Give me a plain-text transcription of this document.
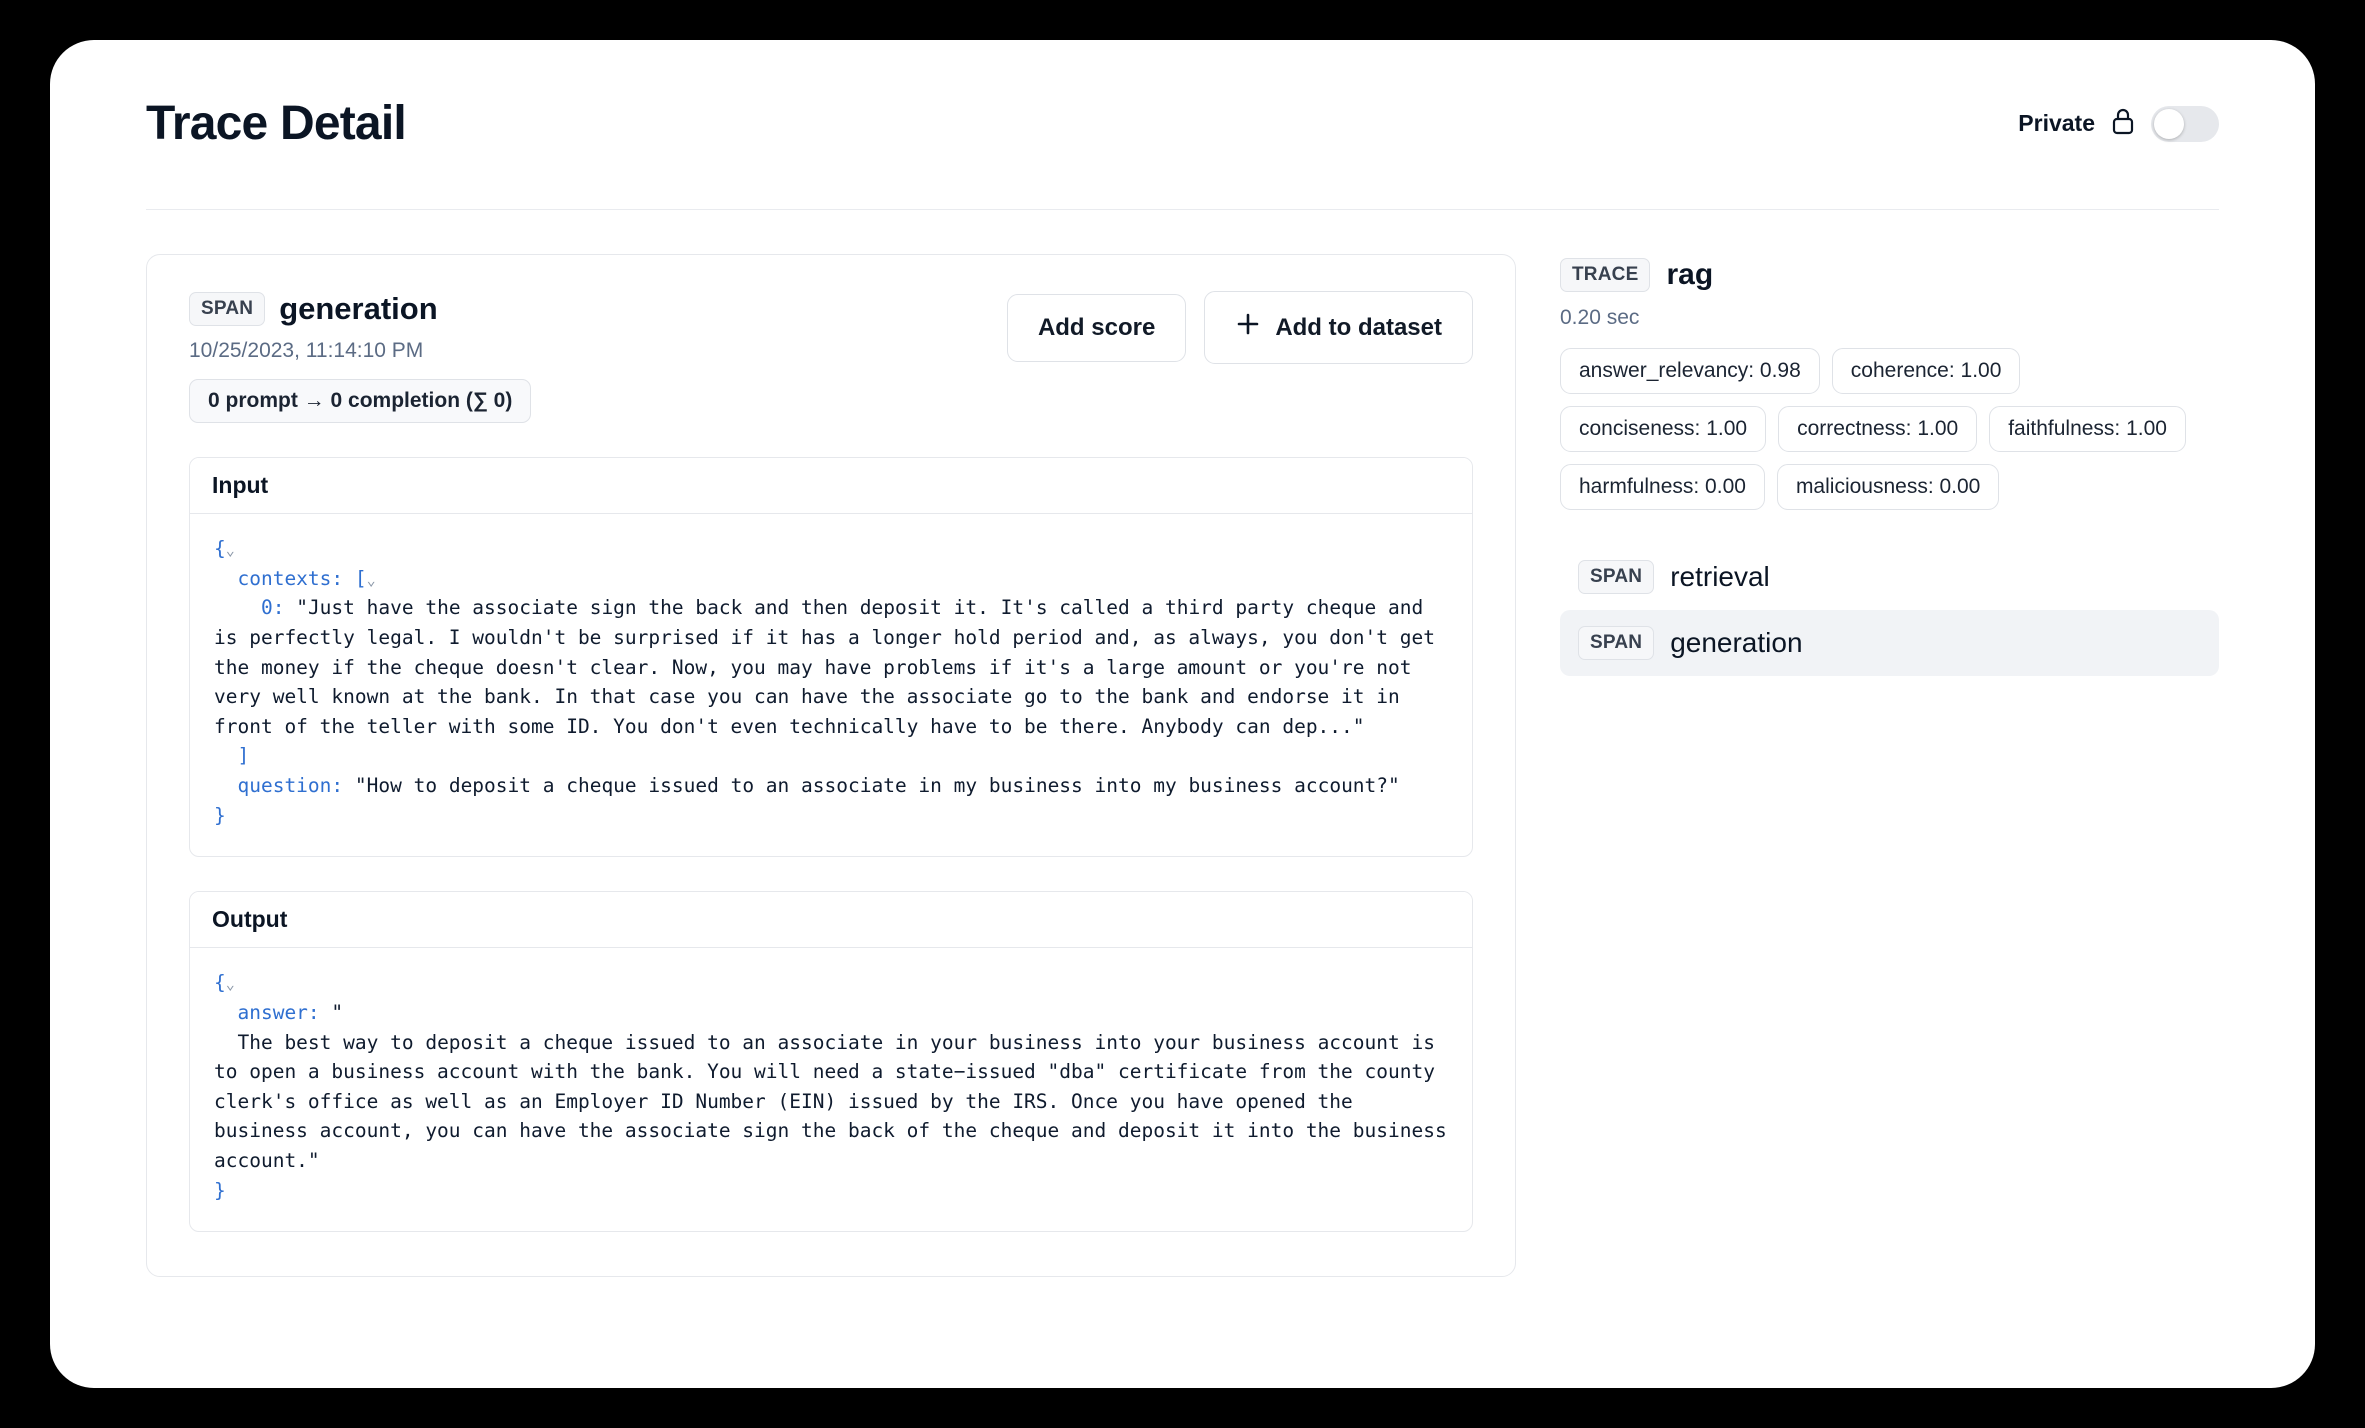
Trace Detail	Private
SPAN generation
10/25/2023, 11:14:10 PM
0 prompt → 0 completion (∑ 0)
Add score	Add to dataset
Input
{⌄
contexts: [⌄
0: "Just have the associate sign the back and then deposit it. It's called a third party cheque and is perfectly legal. I wouldn't be surprised if it has a longer hold period and, as always, you don't get the money if the cheque doesn't clear. Now, you may have problems if it's a large amount or you're not very well known at the bank. In that case you can have the associate go to the bank and endorse it in front of the teller with some ID. You don't even technically have to be there. Anybody can dep..."
]
question: "How to deposit a cheque issued to an associate in my business into my business account?"
}
Output
{⌄
answer: "
The best way to deposit a cheque issued to an associate in your business into your business account is to open a business account with the bank. You will need a state−issued "dba" certificate from the county clerk's office as well as an Employer ID Number (EIN) issued by the IRS. Once you have opened the business account, you can have the associate sign the back of the cheque and deposit it into the business account."
}
TRACE rag
0.20 sec
answer_relevancy: 0.98	coherence: 1.00
conciseness: 1.00	correctness: 1.00	faithfulness: 1.00
harmfulness: 0.00	maliciousness: 0.00
SPAN	retrieval
SPAN	generation
